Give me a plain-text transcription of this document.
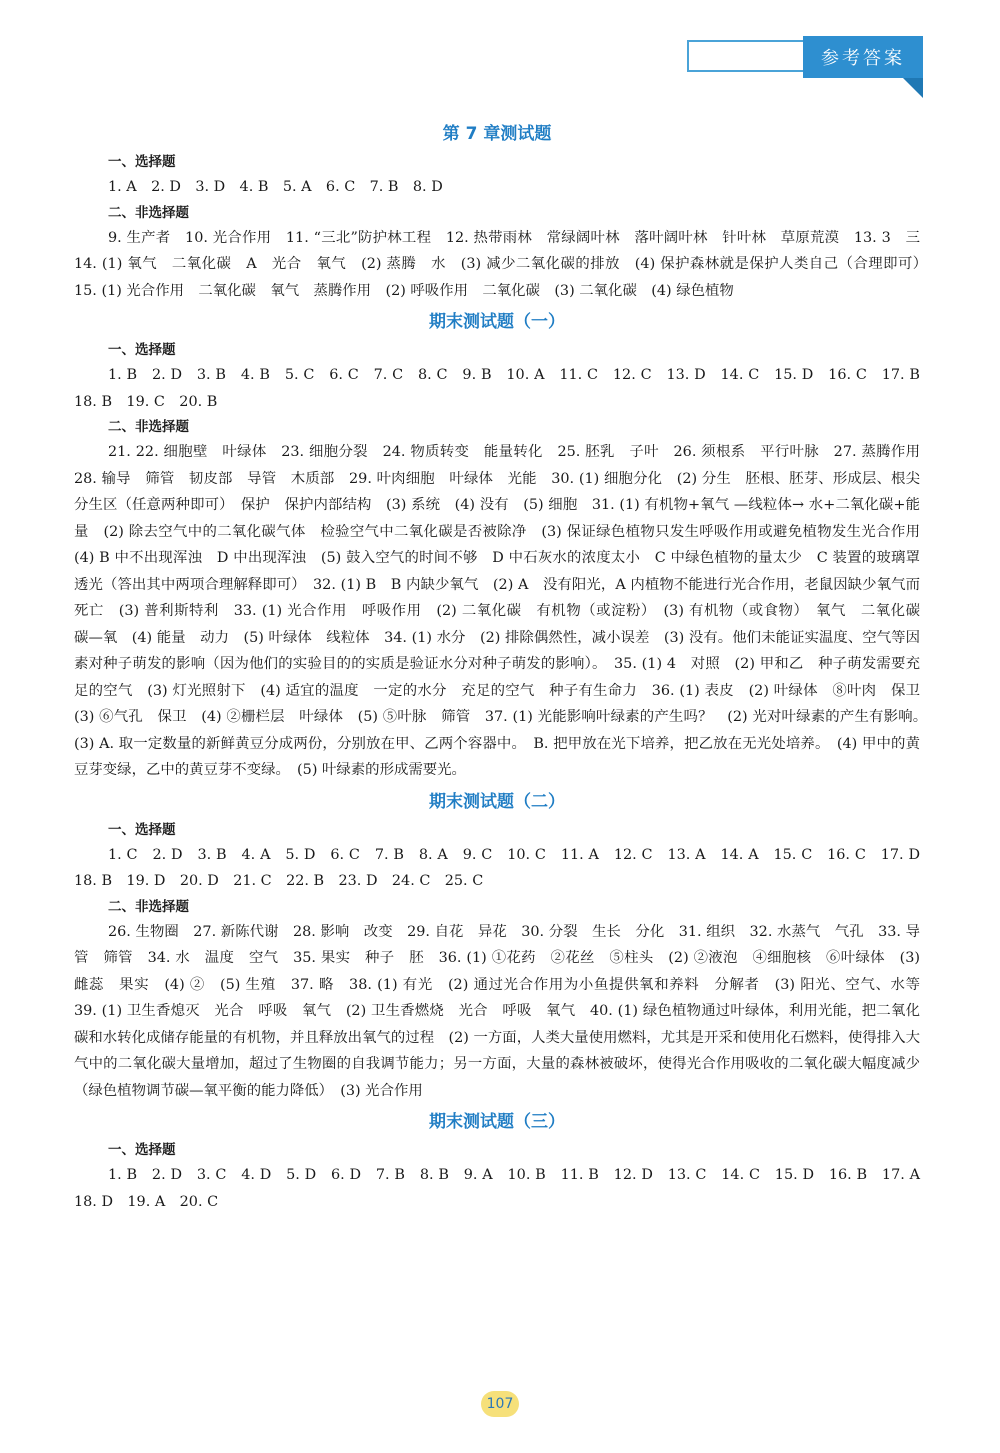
参考答案
第 7 章测试题
一、选择题

1. A　2. D　3. D　4. B　5. A　6. C　7. B　8. D

二、非选择题

9. 生产者　10. 光合作用　11. “三北”防护林工程　12. 热带雨林　常绿阔叶林　落叶阔叶林　针叶林　草原荒漠　13. 3　三　14. (1) 氧气　二氧化碳　A　光合　氧气　(2) 蒸腾　水　(3) 减少二氧化碳的排放　(4) 保护森林就是保护人类自己（合理即可）　15. (1) 光合作用　二氧化碳　氧气　蒸腾作用　(2) 呼吸作用　二氧化碳　(3) 二氧化碳　(4) 绿色植物

期末测试题（一）
一、选择题

1. B　2. D　3. B　4. B　5. C　6. C　7. C　8. C　9. B　10. A　11. C　12. C　13. D　14. C　15. D　16. C　17. B　18. B　19. C　20. B

二、非选择题

21. 22. 细胞壁　叶绿体　23. 细胞分裂　24. 物质转变　能量转化　25. 胚乳　子叶　26. 须根系　平行叶脉　27. 蒸腾作用　28. 输导　筛管　韧皮部　导管　木质部　29. 叶肉细胞　叶绿体　光能　30. (1) 细胞分化　(2) 分生　胚根、胚芽、形成层、根尖分生区（任意两种即可）　保护　保护内部结构　(3) 系统　(4) 没有　(5) 细胞　31. (1) 有机物+氧气 —线粒体→ 水+二氧化碳+能量　(2) 除去空气中的二氧化碳气体　检验空气中二氧化碳是否被除净　(3) 保证绿色植物只发生呼吸作用或避免植物发生光合作用　(4) B 中不出现浑浊　D 中出现浑浊　(5) 鼓入空气的时间不够　D 中石灰水的浓度太小　C 中绿色植物的量太少　C 装置的玻璃罩透光（答出其中两项合理解释即可）　32. (1) B　B 内缺少氧气　(2) A　没有阳光，A 内植物不能进行光合作用，老鼠因缺少氧气而死亡　(3) 普利斯特利　33. (1) 光合作用　呼吸作用　(2) 二氧化碳　有机物（或淀粉）　(3) 有机物（或食物）　氧气　二氧化碳　碳—氧　(4) 能量　动力　(5) 叶绿体　线粒体　34. (1) 水分　(2) 排除偶然性，减小误差　(3) 没有。他们未能证实温度、空气等因素对种子萌发的影响（因为他们的实验目的的实质是验证水分对种子萌发的影响）。　35. (1) 4　对照　(2) 甲和乙　种子萌发需要充足的空气　(3) 灯光照射下　(4) 适宜的温度　一定的水分　充足的空气　种子有生命力　36. (1) 表皮　(2) 叶绿体　⑧叶肉　保卫　(3) ⑥气孔　保卫　(4) ②栅栏层　叶绿体　(5) ⑤叶脉　筛管　37. (1) 光能影响叶绿素的产生吗？　(2) 光对叶绿素的产生有影响。　(3) A. 取一定数量的新鲜黄豆分成两份，分别放在甲、乙两个容器中。　B. 把甲放在光下培养，把乙放在无光处培养。　(4) 甲中的黄豆芽变绿，乙中的黄豆芽不变绿。　(5) 叶绿素的形成需要光。

期末测试题（二）
一、选择题

1. C　2. D　3. B　4. A　5. D　6. C　7. B　8. A　9. C　10. C　11. A　12. C　13. A　14. A　15. C　16. C　17. D　18. B　19. D　20. D　21. C　22. B　23. D　24. C　25. C

二、非选择题

26. 生物圈　27. 新陈代谢　28. 影响　改变　29. 自花　异花　30. 分裂　生长　分化　31. 组织　32. 水蒸气　气孔　33. 导管　筛管　34. 水　温度　空气　35. 果实　种子　胚　36. (1) ①花药　②花丝　⑤柱头　(2) ②液泡　④细胞核　⑥叶绿体　(3) 雌蕊　果实　(4) ②　(5) 生殖　37. 略　38. (1) 有光　(2) 通过光合作用为小鱼提供氧和养料　分解者　(3) 阳光、空气、水等　39. (1) 卫生香熄灭　光合　呼吸　氧气　(2) 卫生香燃烧　光合　呼吸　氧气　40. (1) 绿色植物通过叶绿体，利用光能，把二氧化碳和水转化成储存能量的有机物，并且释放出氧气的过程　(2) 一方面，人类大量使用燃料，尤其是开采和使用化石燃料，使得排入大气中的二氧化碳大量增加，超过了生物圈的自我调节能力；另一方面，大量的森林被破坏，使得光合作用吸收的二氧化碳大幅度减少（绿色植物调节碳—氧平衡的能力降低）　(3) 光合作用

期末测试题（三）
一、选择题

1. B　2. D　3. C　4. D　5. D　6. D　7. B　8. B　9. A　10. B　11. B　12. D　13. C　14. C　15. D　16. B　17. A　18. D　19. A　20. C

107
